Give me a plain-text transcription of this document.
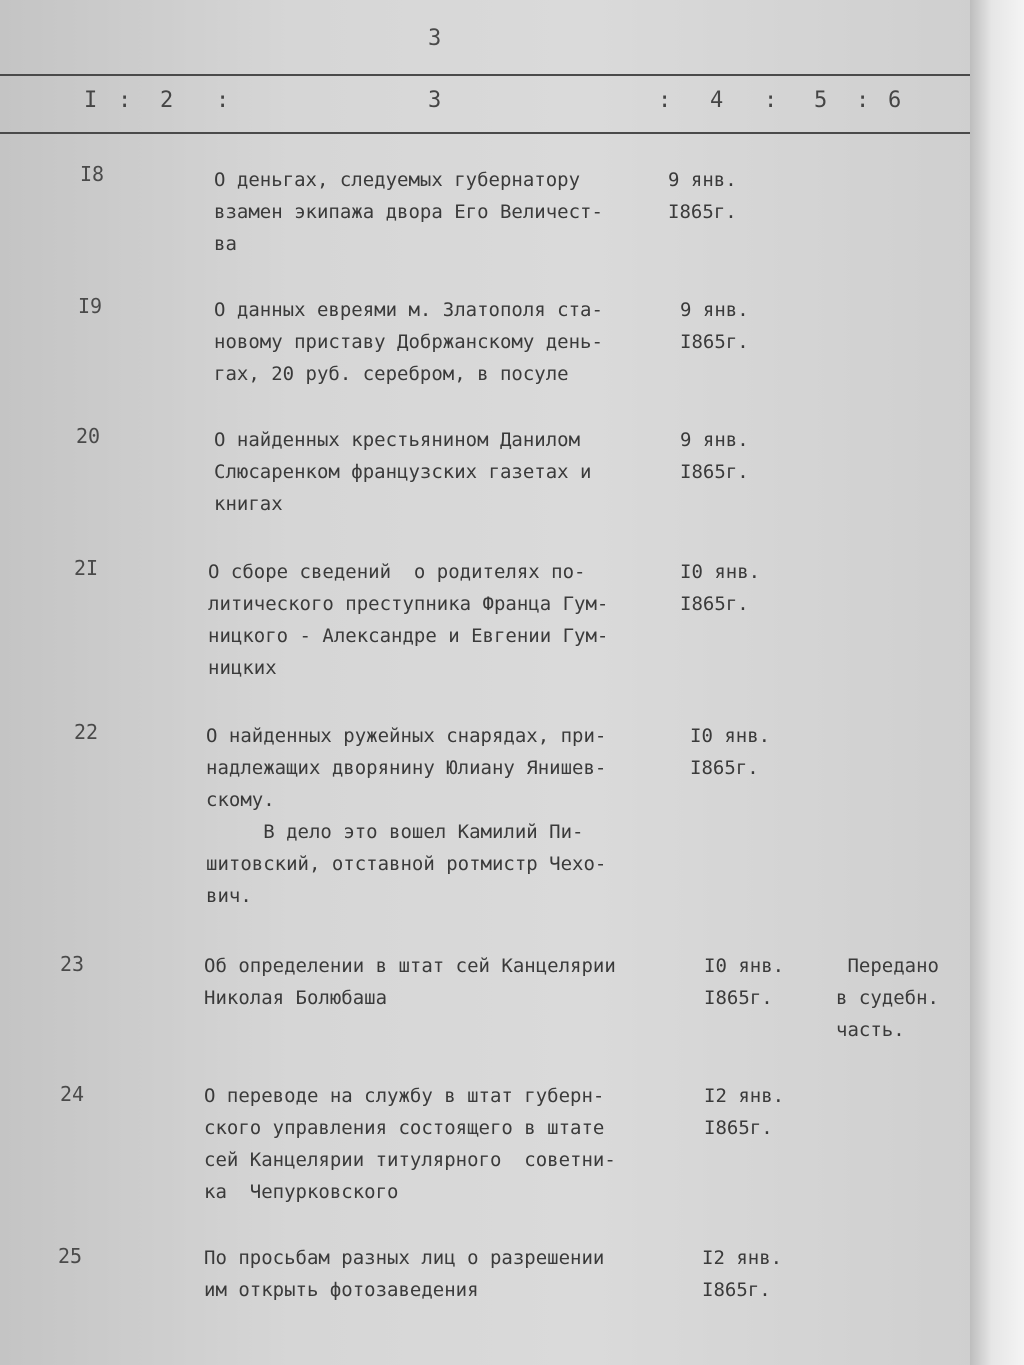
3
I : 2 :	3	: 4 : 5 : 6
I8	О деньгах, следуемых губернатору
взамен экипажа двора Его Величест-
ва
9 янв.
I865г.
I9	О данных евреями м. Златополя ста-
новому приставу Добржанскому день-
гах, 20 руб. серебром, в посуле
9 янв.
I865г.
20	О найденных крестьянином Данилом
Слюсаренком французских газетах и
книгах
9 янв.
I865г.
2I	О сборе сведений  о родителях по-
литического преступника Франца Гум-
ницкого - Александре и Евгении Гум-
ницких
I0 янв.
I865г.
22	О найденных ружейных снарядах, при-
надлежащих дворянину Юлиану Янишев-
скому.
В дело это вошел Камилий Пи-
шитовский, отставной ротмистр Чехо-
вич.
I0 янв.
I865г.
23	Об определении в штат сей Канцелярии
Николая Болюбаша
I0 янв.
I865г.
Передано
в судебн.
часть.
24	О переводе на службу в штат губерн-
ского управления состоящего в штате
сей Канцелярии титулярного  советни-
ка  Чепурковского
I2 янв.
I865г.
25	По просьбам разных лиц о разрешении
им открыть фотозаведения
I2 янв.
I865г.
